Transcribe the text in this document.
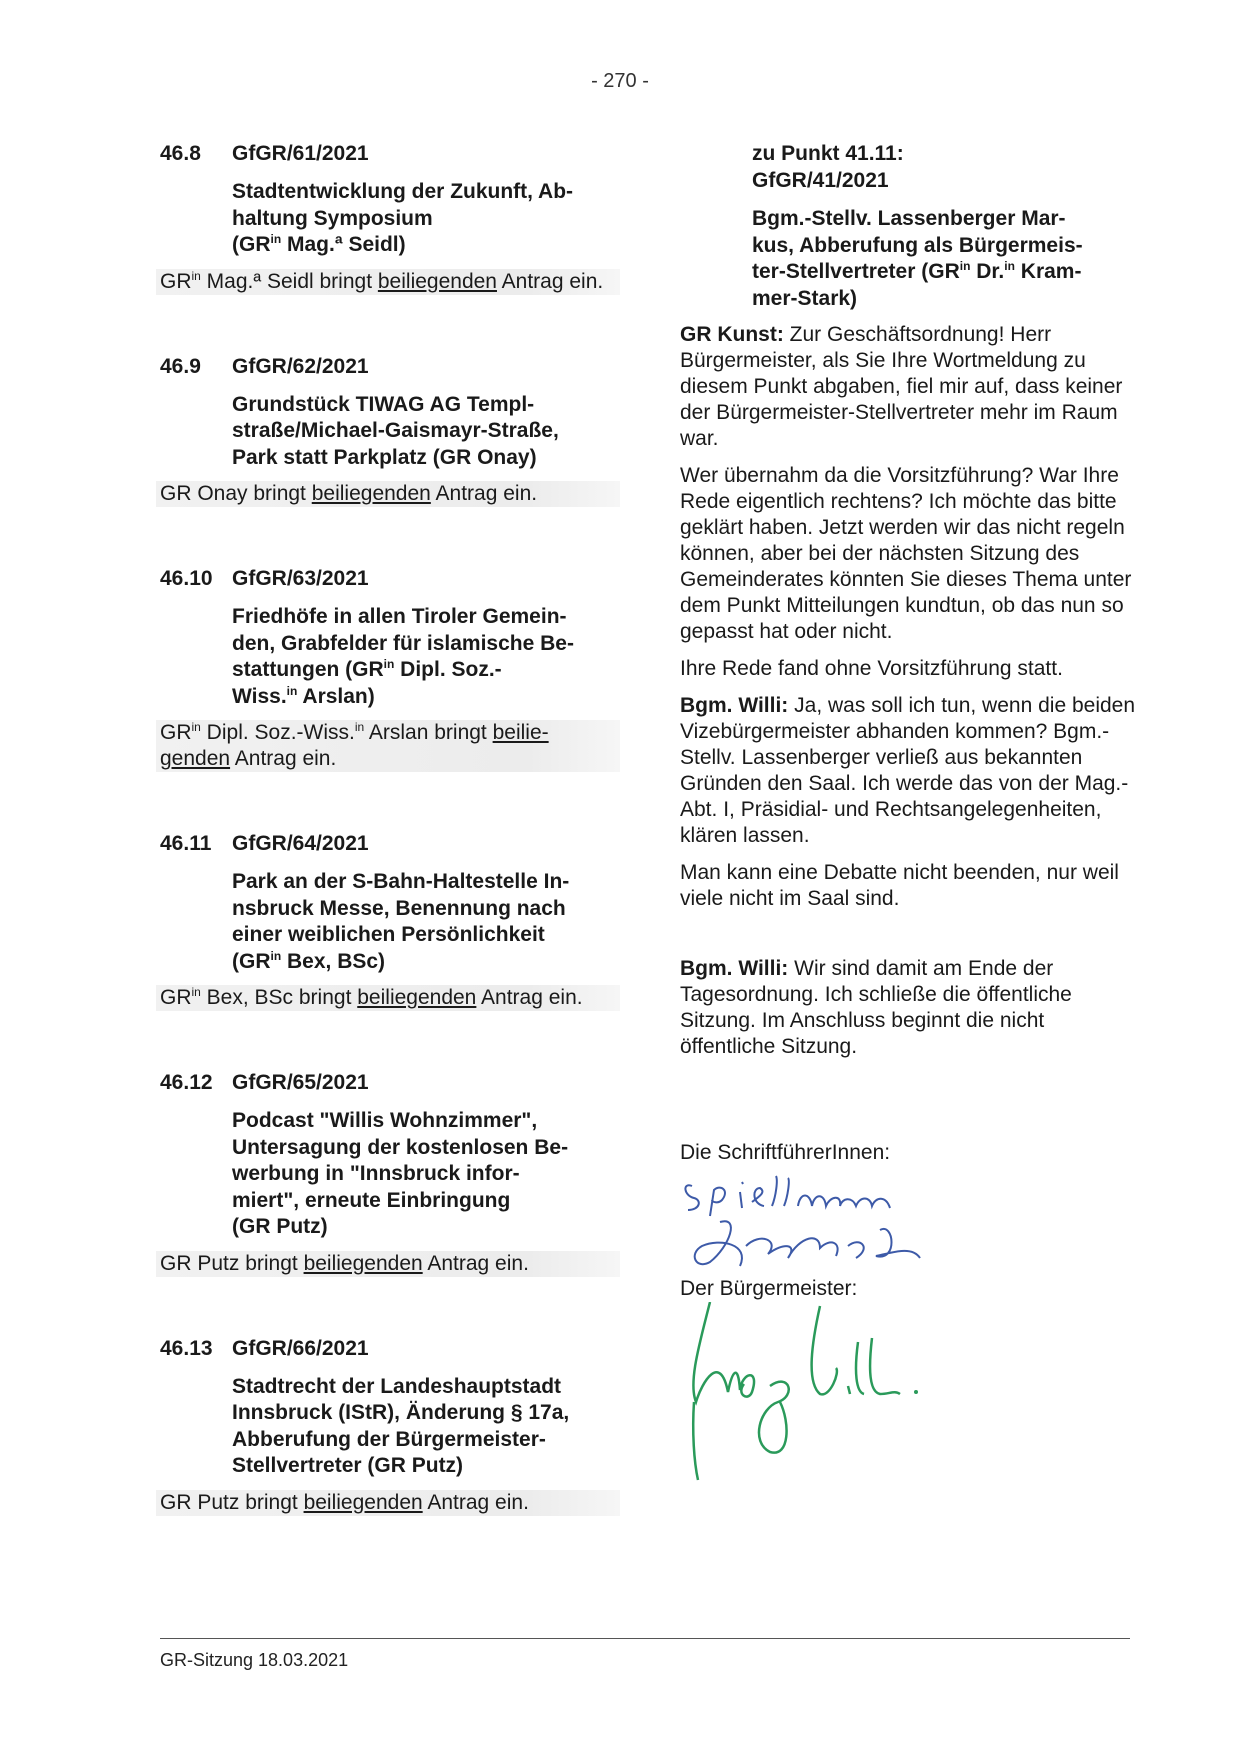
- 270 -
46.8	GfGR/61/2021
Stadtentwicklung der Zukunft, Ab-
haltung Symposium
($GR^{in}$ Mag.ª Seidl)
$GR^{in}$ Mag.ª Seidl bringt beiliegenden Antrag ein.
46.9	GfGR/62/2021
Grundstück TIWAG AG Templ-
straße/Michael-Gaismayr-Straße,
Park statt Parkplatz (GR Onay)
GR Onay bringt beiliegenden Antrag ein.
46.10 GfGR/63/2021
Friedhöfe in allen Tiroler Gemein-
den, Grabfelder für islamische Be-
stattungen ($GR^{in}$ Dipl. Soz.-
Wiss.$^{in}$ Arslan)
$GR^{in}$ Dipl. Soz.-Wiss.$^{in}$ Arslan bringt beilie-genden Antrag ein.
46.11 GfGR/64/2021
Park an der S-Bahn-Haltestelle In-
nsbruck Messe, Benennung nach
einer weiblichen Persönlichkeit
($GR^{in}$ Bex, BSc)
$GR^{in}$ Bex, BSc bringt beiliegenden Antrag ein.
46.12 GfGR/65/2021
Podcast "Willis Wohnzimmer",
Untersagung der kostenlosen Be-
werbung in "Innsbruck infor-
miert", erneute Einbringung
(GR Putz)
GR Putz bringt beiliegenden Antrag ein.
46.13 GfGR/66/2021
Stadtrecht der Landeshauptstadt
Innsbruck (IStR), Änderung § 17a,
Abberufung der Bürgermeister-
Stellvertreter (GR Putz)
GR Putz bringt beiliegenden Antrag ein.
zu Punkt 41.11:
GfGR/41/2021
Bgm.-Stellv. Lassenberger Mar-
kus, Abberufung als Bürgermeis-
ter-Stellvertreter ($GR^{in}$ Dr.$^{in}$ Kram-
mer-Stark)

GR Kunst: Zur Geschäftsordnung! Herr Bürgermeister, als Sie Ihre Wortmeldung zu diesem Punkt abgaben, fiel mir auf, dass keiner der Bürgermeister-Stellvertreter mehr im Raum war.

Wer übernahm da die Vorsitzführung? War Ihre Rede eigentlich rechtens? Ich möchte das bitte geklärt haben. Jetzt werden wir das nicht regeln können, aber bei der nächsten Sitzung des Gemeinderates könnten Sie dieses Thema unter dem Punkt Mitteilungen kundtun, ob das nun so gepasst hat oder nicht.

Ihre Rede fand ohne Vorsitzführung statt.

Bgm. Willi: Ja, was soll ich tun, wenn die beiden Vizebürgermeister abhanden kommen? Bgm.-Stellv. Lassenberger verließ aus bekannten Gründen den Saal. Ich werde das von der Mag.-Abt. I, Präsidial- und Rechtsangelegenheiten, klären lassen.

Man kann eine Debatte nicht beenden, nur weil viele nicht im Saal sind.

Bgm. Willi: Wir sind damit am Ende der Tagesordnung. Ich schließe die öffentliche Sitzung. Im Anschluss beginnt die nicht öffentliche Sitzung.

Die SchriftführerInnen:
Der Bürgermeister:
GR-Sitzung 18.03.2021
